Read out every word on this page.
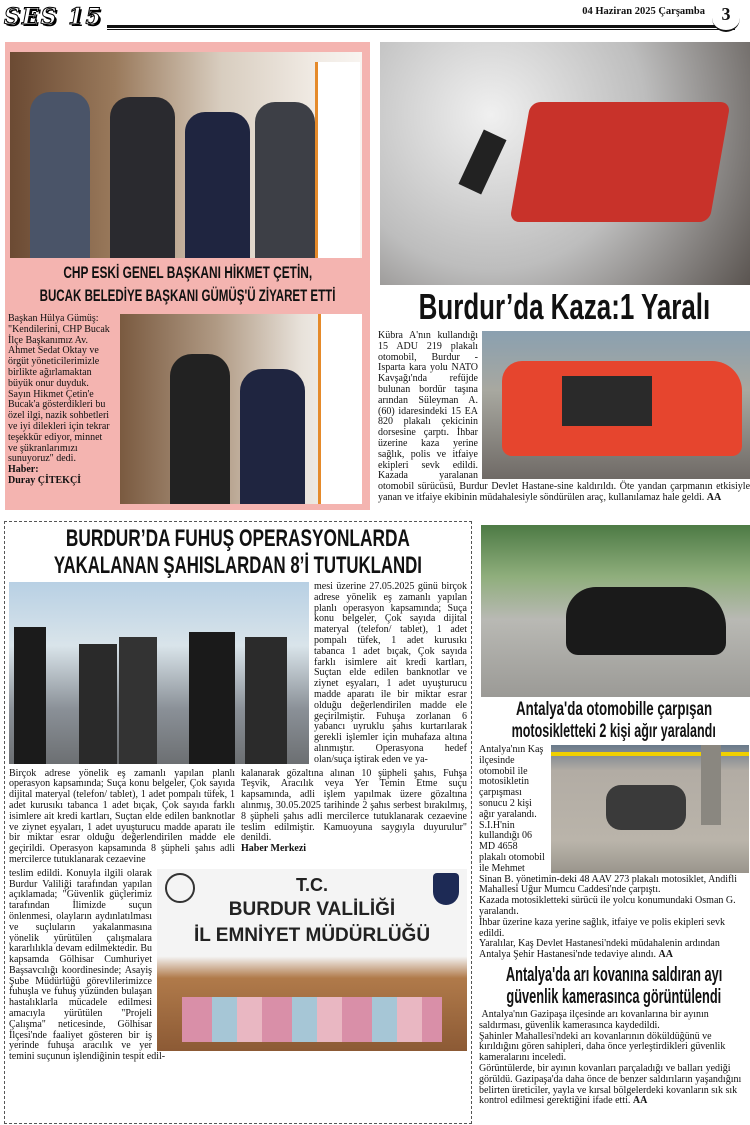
SES 15	04 Haziran 2025 Çarşamba 3
CHP ESKİ GENEL BAŞKANI HİKMET ÇETİN,
BUCAK BELEDİYE BAŞKANI GÜMÜŞ'Ü ZİYARET ETTİ
Başkan Hülya Gümüş: "Kendilerini, CHP Bucak İlçe Başkanımız Av. Ahmet Sedat Oktay ve örgüt yöneticilerimizle birlikte ağırlamaktan büyük onur duyduk. Sayın Hikmet Çetin'e Bucak'a gösterdikleri bu özel ilgi, nazik sohbetleri ve iyi dilekleri için tekrar teşekkür ediyor, minnet ve şükranlarımızı sunuyoruz" dedi.
Haber:
Duray ÇİTEKÇİ
Burdur’da Kaza:1 Yaralı
Kübra A'nın kullandığı 15 ADU 219 plakalı otomobil, Burdur - Isparta kara yolu NATO Kavşağı'nda refüjde bulunan bordür taşına arından Süleyman A.(60) idaresindeki 15 EA 820 plakalı çekicinin dorsesine çarptı. İhbar üzerine kaza yerine sağlık, polis ve itfaiye ekipleri sevk edildi. Kazada yaralanan otomobil sürücüsü, Burdur Devlet Hastane-sine kaldırıldı. Öte yandan çarpmanın etkisiyle yanan ve itfaiye ekibinin müdahalesiyle söndürülen araç, kullanılamaz hale geldi. AA
BURDUR’DA FUHUŞ OPERASYONLARDA
YAKALANAN ŞAHISLARDAN 8’İ TUTUKLANDI
mesi üzerine 27.05.2025 günü birçok adrese yönelik eş zamanlı yapılan planlı operasyon kapsamında; Suça konu belgeler, Çok sayıda dijital materyal (telefon/ tablet), 1 adet pompalı tüfek, 1 adet kurusıkı tabanca 1 adet bıçak, Çok sayıda farklı isimlere ait kredi kartları, Suçtan elde edilen banknotlar ve ziynet eşyaları, 1 adet uyuşturucu madde aparatı ile bir miktar esrar olduğu değerlendirilen madde ele geçirilmiştir. Fuhuşa zorlanan 6 yabancı uyruklu şahıs kurtarılarak gerekli işlemler için muhafaza altına alınmıştır. Operasyona hedef olan/suça iştirak eden ve ya-
Birçok adrese yönelik eş zamanlı yapılan planlı operasyon kapsamında; Suça konu belgeler, Çok sayıda dijital materyal (telefon/ tablet), 1 adet pompalı tüfek, 1 adet kurusıkı tabanca 1 adet bıçak, Çok sayıda farklı isimlere ait kredi kartları, Suçtan elde edilen banknotlar ve ziynet eşyaları, 1 adet uyuşturucu madde aparatı ile bir miktar esrar olduğu değerlendirilen madde ele geçirildi. Operasyon kapsamında 8 şüpheli şahıs adli mercilerce tutuklanarak cezaevine
kalanarak gözaltına alınan 10 şüpheli şahıs, Fuhşa Teşvik, Aracılık veya Yer Temin Etme suçu kapsamında, adli işlem yapılmak üzere gözaltına alınmış, 30.05.2025 tarihinde 2 şahıs serbest bırakılmış, 8 şüpheli şahıs adli mercilerce tutuklanarak cezaevine teslim edilmiştir. Kamuoyuna saygıyla duyurulur" denildi.
Haber Merkezi
T.C.
BURDUR VALİLİĞİ
İL EMNİYET MÜDÜRLÜĞÜ
teslim edildi. Konuyla ilgili olarak Burdur Valiliği tarafından yapılan açıklamada; "Güvenlik güçlerimiz tarafından İlimizde suçun önlenmesi, olayların aydınlatılması ve suçluların yakalanmasına yönelik yürütülen çalışmalara kararlılıkla devam edilmektedir. Bu kapsamda Gölhisar Cumhuriyet Başsavcılığı koordinesinde; Asayiş Şube Müdürlüğü görevlilerimizce fuhuşla ve fuhuş yüzünden bulaşan hastalıklarla mücadele edilmesi amacıyla yürütülen "Projeli Çalışma" neticesinde, Gölhisar İlçesi'nde faaliyet gösteren bir iş yerinde fuhuşa aracılık ve yer temini suçunun işlendiğinin tespit edil-
Antalya'da otomobille çarpışan
motosikletteki 2 kişi ağır yaralandı
Antalya'nın Kaş ilçesinde otomobil ile motosikletin çarpışması sonucu 2 kişi ağır yaralandı. S.I.H'nin kullandığı 06 MD 4658 plakalı otomobil ile Mehmet Sinan B. yönetimin-deki 48 AAV 273 plakalı motosiklet, Andifli Mahallesi Uğur Mumcu Caddesi'nde çarpıştı.
Kazada motosikletteki sürücü ile yolcu konumundaki Osman G. yaralandı.
İhbar üzerine kaza yerine sağlık, itfaiye ve polis ekipleri sevk edildi.
Yaralılar, Kaş Devlet Hastanesi'ndeki müdahalenin ardından Antalya Şehir Hastanesi'nde tedaviye alındı. AA
Antalya'da arı kovanına saldıran ayı
güvenlik kamerasınca görüntülendi
Antalya'nın Gazipaşa ilçesinde arı kovanlarına bir ayının saldırması, güvenlik kamerasınca kaydedildi.
Şahinler Mahallesi'ndeki arı kovanlarının döküldüğünü ve kırıldığını gören sahipleri, daha önce yerleştirdikleri güvenlik kameralarını inceledi.
Görüntülerde, bir ayının kovanları parçaladığı ve balları yediği görüldü. Gazipaşa'da daha önce de benzer saldırıların yaşandığını belirten üreticiler, yayla ve kırsal bölgelerdeki kovanların sık sık kontrol edilmesi gerektiğini ifade etti. AA
